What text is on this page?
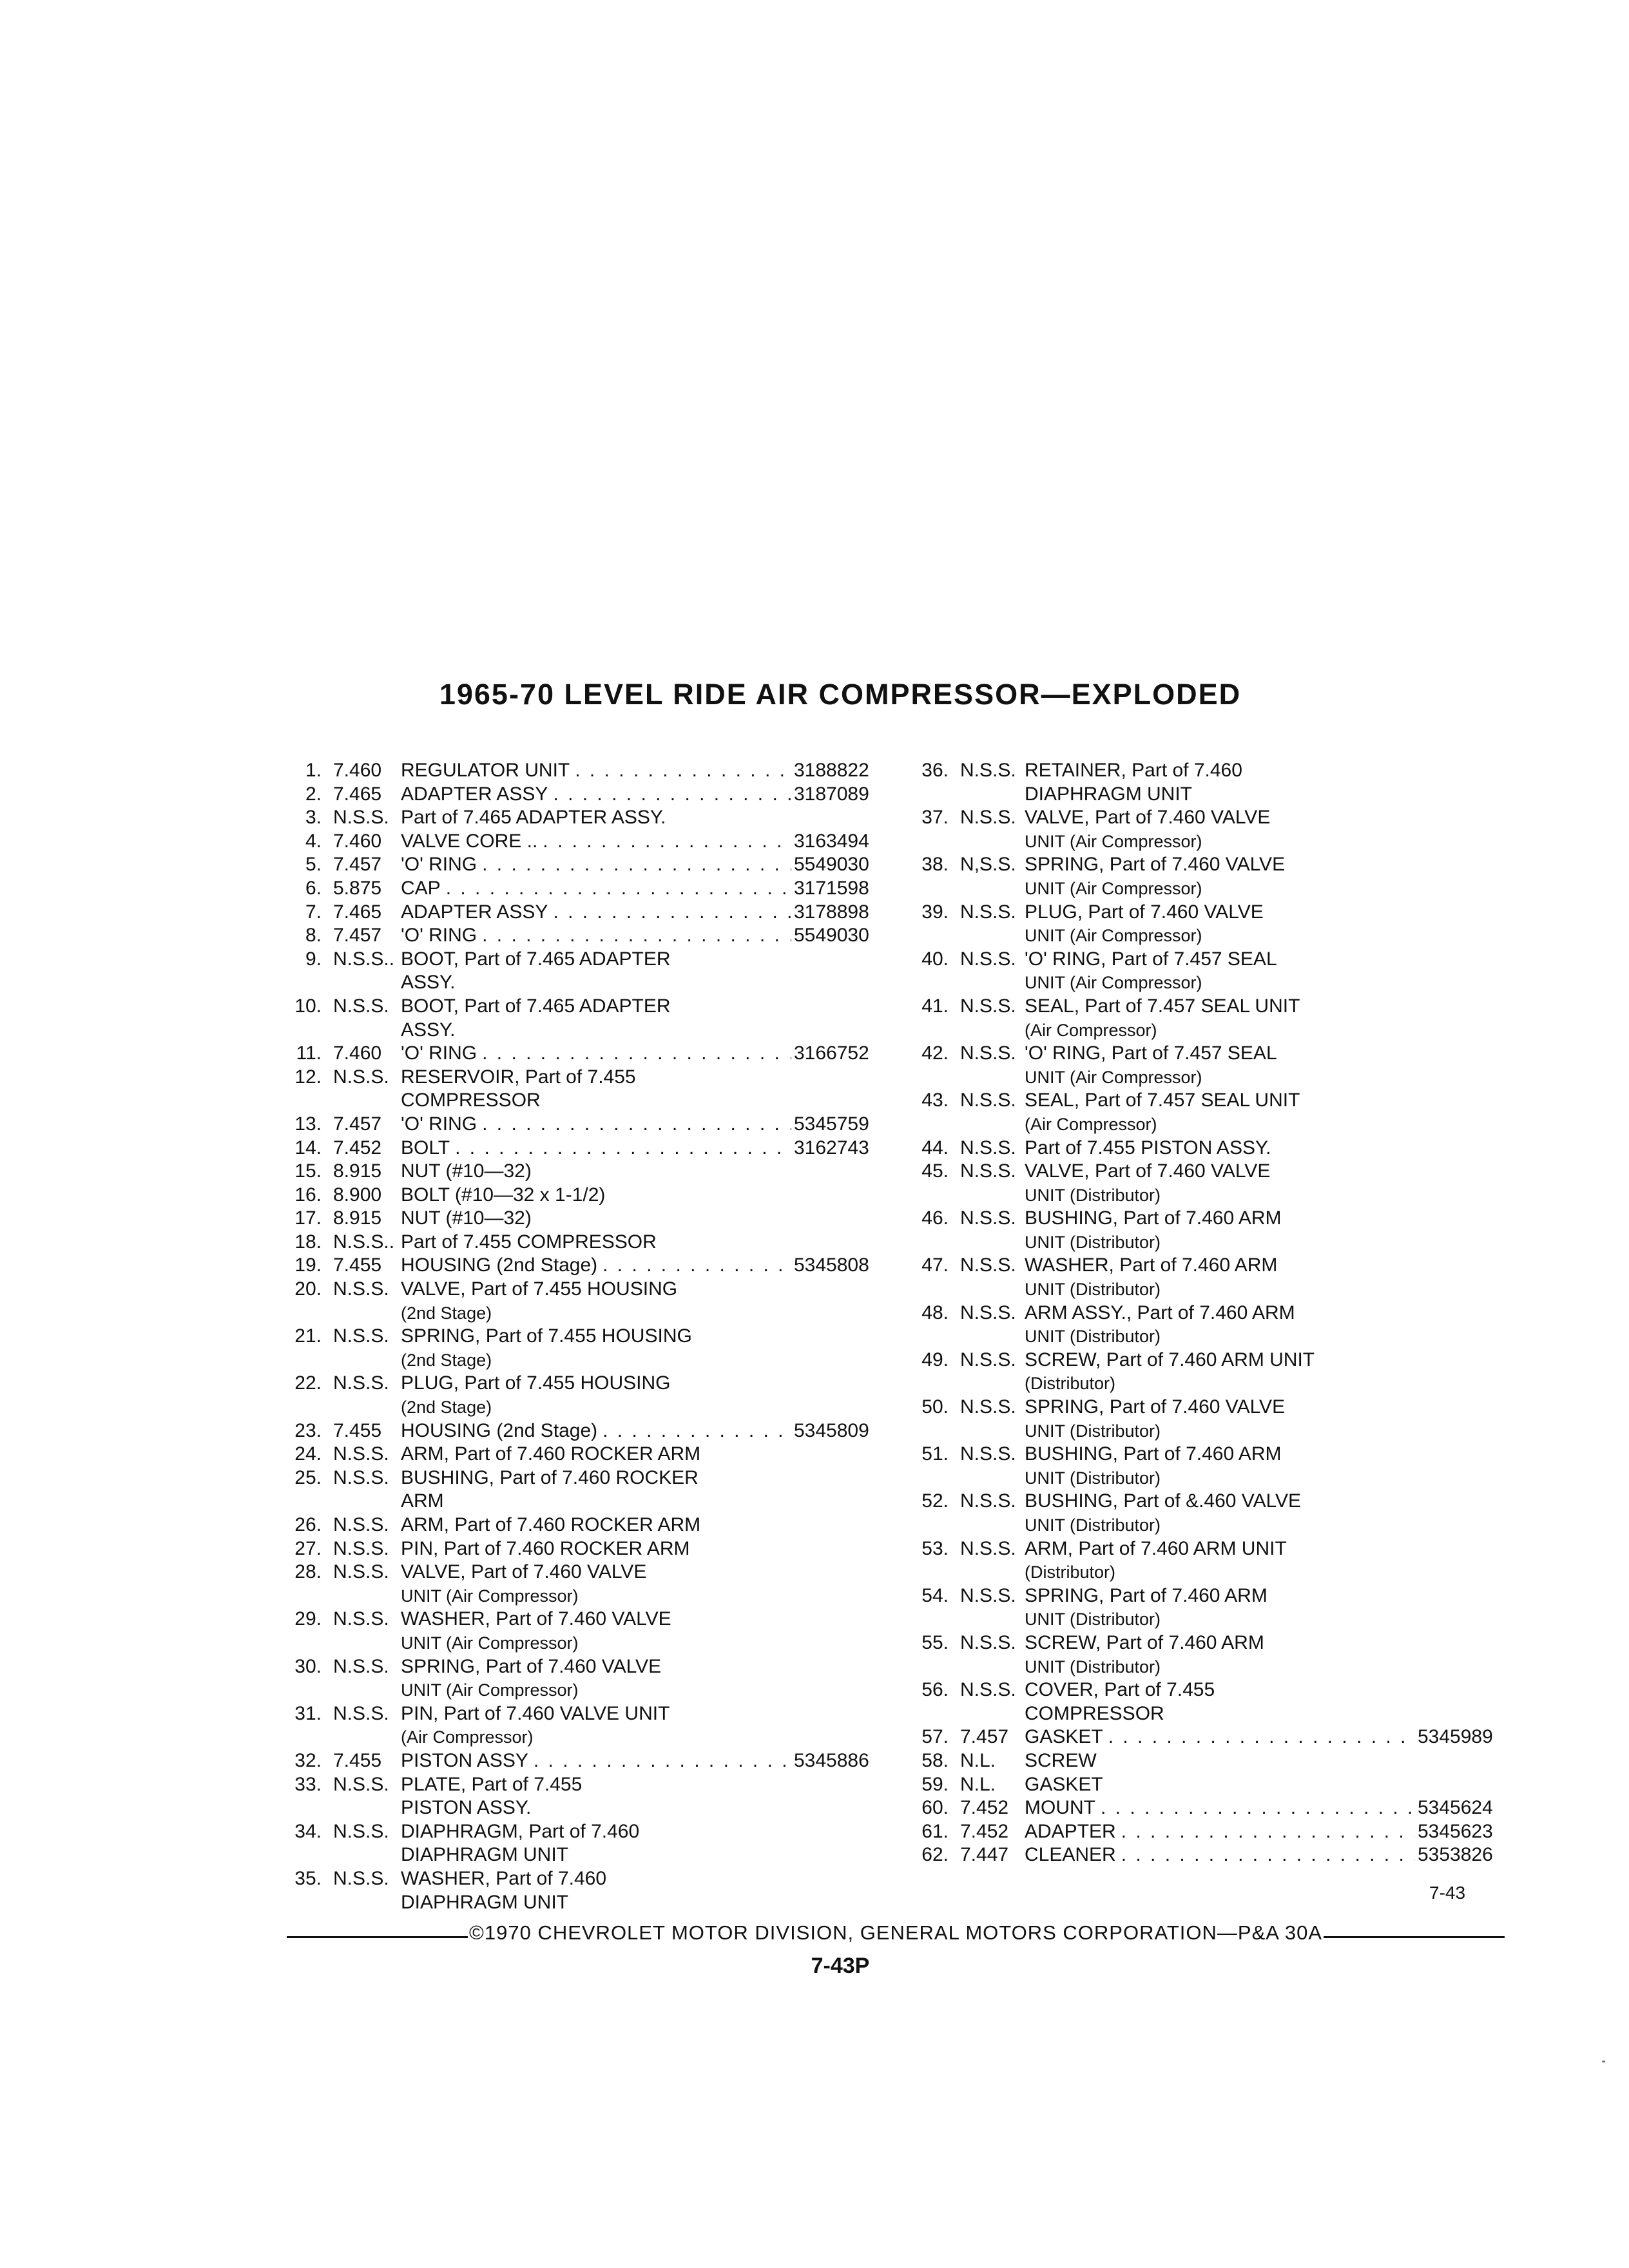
1965-70 LEVEL RIDE AIR COMPRESSOR—EXPLODED
1. 7.460 REGULATOR UNIT . . .	3188822
2. 7.465 ADAPTER ASSY . . .	3187089
3. N.S.S. Part of 7.465 ADAPTER ASSY.
4. 7.460 VALVE CORE .. . . .	3163494
5. 7.457 'O' RING . . .	5549030
6. 5.875 CAP . . .	3171598
7. 7.465 ADAPTER ASSY . . .	3178898
8. 7.457 'O' RING . . .	5549030
9. N.S.S.. BOOT, Part of 7.465 ADAPTER
ASSY.
10. N.S.S. BOOT, Part of 7.465 ADAPTER
ASSY.
11. 7.460 'O' RING . . .	3166752
12. N.S.S. RESERVOIR, Part of 7.455
COMPRESSOR
13. 7.457 'O' RING . . .	5345759
14. 7.452 BOLT . . .	3162743
15. 8.915 NUT (#10—32)
16. 8.900 BOLT (#10—32 x 1-1/2)
17. 8.915 NUT (#10—32)
18. N.S.S.. Part of 7.455 COMPRESSOR
19. 7.455 HOUSING (2nd Stage) . . .	5345808
20. N.S.S. VALVE, Part of 7.455 HOUSING
(2nd Stage)
21. N.S.S. SPRING, Part of 7.455 HOUSING
(2nd Stage)
22. N.S.S. PLUG, Part of 7.455 HOUSING
(2nd Stage)
23. 7.455 HOUSING (2nd Stage) . . .	5345809
24. N.S.S. ARM, Part of 7.460 ROCKER ARM
25. N.S.S. BUSHING, Part of 7.460 ROCKER
ARM
26. N.S.S. ARM, Part of 7.460 ROCKER ARM
27. N.S.S. PIN, Part of 7.460 ROCKER ARM
28. N.S.S. VALVE, Part of 7.460 VALVE
UNIT (Air Compressor)
29. N.S.S. WASHER, Part of 7.460 VALVE
UNIT (Air Compressor)
30. N.S.S. SPRING, Part of 7.460 VALVE
UNIT (Air Compressor)
31. N.S.S. PIN, Part of 7.460 VALVE UNIT
(Air Compressor)
32. 7.455 PISTON ASSY . . .	5345886
33. N.S.S. PLATE, Part of 7.455
PISTON ASSY.
34. N.S.S. DIAPHRAGM, Part of 7.460
DIAPHRAGM UNIT
35. N.S.S. WASHER, Part of 7.460
DIAPHRAGM UNIT
36. N.S.S. RETAINER, Part of 7.460
DIAPHRAGM UNIT
37. N.S.S. VALVE, Part of 7.460 VALVE
UNIT (Air Compressor)
38. N,S.S. SPRING, Part of 7.460 VALVE
UNIT (Air Compressor)
39. N.S.S. PLUG, Part of 7.460 VALVE
UNIT (Air Compressor)
40. N.S.S. 'O' RING, Part of 7.457 SEAL
UNIT (Air Compressor)
41. N.S.S. SEAL, Part of 7.457 SEAL UNIT
(Air Compressor)
42. N.S.S. 'O' RING, Part of 7.457 SEAL
UNIT (Air Compressor)
43. N.S.S. SEAL, Part of 7.457 SEAL UNIT
(Air Compressor)
44. N.S.S. Part of 7.455 PISTON ASSY.
45. N.S.S. VALVE, Part of 7.460 VALVE
UNIT (Distributor)
46. N.S.S. BUSHING, Part of 7.460 ARM
UNIT (Distributor)
47. N.S.S. WASHER, Part of 7.460 ARM
UNIT (Distributor)
48. N.S.S. ARM ASSY., Part of 7.460 ARM
UNIT (Distributor)
49. N.S.S. SCREW, Part of 7.460 ARM UNIT
(Distributor)
50. N.S.S. SPRING, Part of 7.460 VALVE
UNIT (Distributor)
51. N.S.S. BUSHING, Part of 7.460 ARM
UNIT (Distributor)
52. N.S.S. BUSHING, Part of &.460 VALVE
UNIT (Distributor)
53. N.S.S. ARM, Part of 7.460 ARM UNIT
(Distributor)
54. N.S.S. SPRING, Part of 7.460 ARM
UNIT (Distributor)
55. N.S.S. SCREW, Part of 7.460 ARM
UNIT (Distributor)
56. N.S.S. COVER, Part of 7.455
COMPRESSOR
57. 7.457 GASKET . . .	5345989
58. N.L.	SCREW
59. N.L.	GASKET
60. 7.452 MOUNT . . .	5345624
61. 7.452 ADAPTER . . .	5345623
62. 7.447 CLEANER . . .	5353826
7-43
©1970 CHEVROLET MOTOR DIVISION, GENERAL MOTORS CORPORATION—P&A 30A
7-43P
